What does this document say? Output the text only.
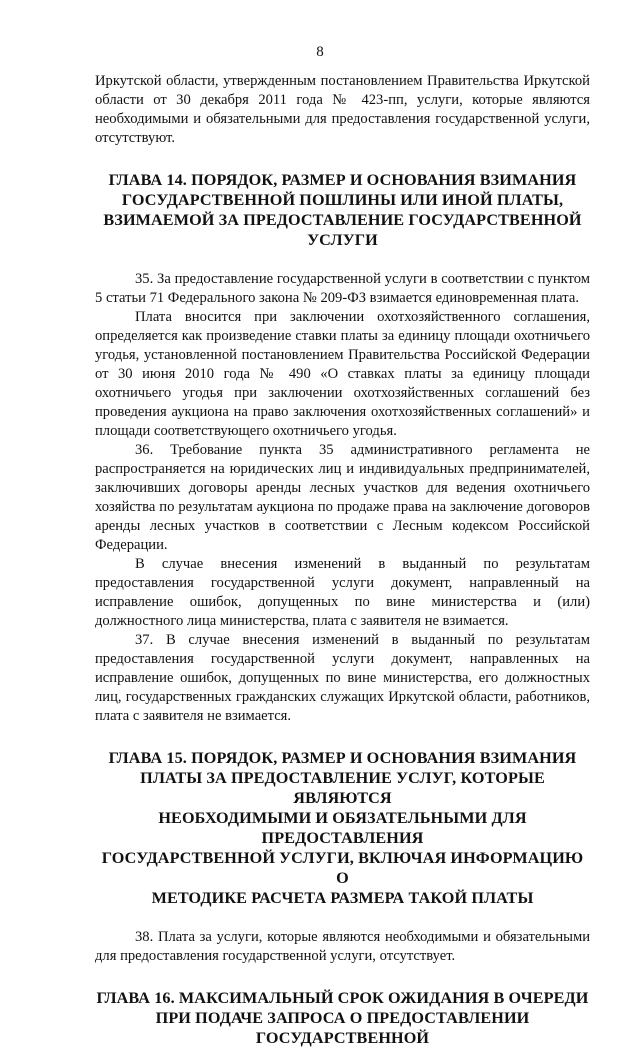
8

Иркутской области, утвержденным постановлением Правительства Иркутской области от 30 декабря 2011 года № 423-пп, услуги, которые являются необходимыми и обязательными для предоставления государственной услуги, отсутствуют.

ГЛАВА 14. ПОРЯДОК, РАЗМЕР И ОСНОВАНИЯ ВЗИМАНИЯ
ГОСУДАРСТВЕННОЙ ПОШЛИНЫ ИЛИ ИНОЙ ПЛАТЫ,
ВЗИМАЕМОЙ ЗА ПРЕДОСТАВЛЕНИЕ ГОСУДАРСТВЕННОЙ УСЛУГИ

35. За предоставление государственной услуги в соответствии с пунктом 5 статьи 71 Федерального закона № 209-ФЗ взимается единовременная плата.

Плата вносится при заключении охотхозяйственного соглашения, определяется как произведение ставки платы за единицу площади охотничьего угодья, установленной постановлением Правительства Российской Федерации от 30 июня 2010 года № 490 «О ставках платы за единицу площади охотничьего угодья при заключении охотхозяйственных соглашений без проведения аукциона на право заключения охотхозяйственных соглашений» и площади соответствующего охотничьего угодья.

36. Требование пункта 35 административного регламента не распространяется на юридических лиц и индивидуальных предпринимателей, заключивших договоры аренды лесных участков для ведения охотничьего хозяйства по результатам аукциона по продаже права на заключение договоров аренды лесных участков в соответствии с Лесным кодексом Российской Федерации.

В случае внесения изменений в выданный по результатам предоставления государственной услуги документ, направленный на исправление ошибок, допущенных по вине министерства и (или) должностного лица министерства, плата с заявителя не взимается.

37. В случае внесения изменений в выданный по результатам предоставления государственной услуги документ, направленных на исправление ошибок, допущенных по вине министерства, его должностных лиц, государственных гражданских служащих Иркутской области, работников, плата с заявителя не взимается.

ГЛАВА 15. ПОРЯДОК, РАЗМЕР И ОСНОВАНИЯ ВЗИМАНИЯ
ПЛАТЫ ЗА ПРЕДОСТАВЛЕНИЕ УСЛУГ, КОТОРЫЕ ЯВЛЯЮТСЯ
НЕОБХОДИМЫМИ И ОБЯЗАТЕЛЬНЫМИ ДЛЯ ПРЕДОСТАВЛЕНИЯ
ГОСУДАРСТВЕННОЙ УСЛУГИ, ВКЛЮЧАЯ ИНФОРМАЦИЮ О
МЕТОДИКЕ РАСЧЕТА РАЗМЕРА ТАКОЙ ПЛАТЫ

38. Плата за услуги, которые являются необходимыми и обязательными для предоставления государственной услуги, отсутствует.

ГЛАВА 16. МАКСИМАЛЬНЫЙ СРОК ОЖИДАНИЯ В ОЧЕРЕДИ
ПРИ ПОДАЧЕ ЗАПРОСА О ПРЕДОСТАВЛЕНИИ ГОСУДАРСТВЕННОЙ
